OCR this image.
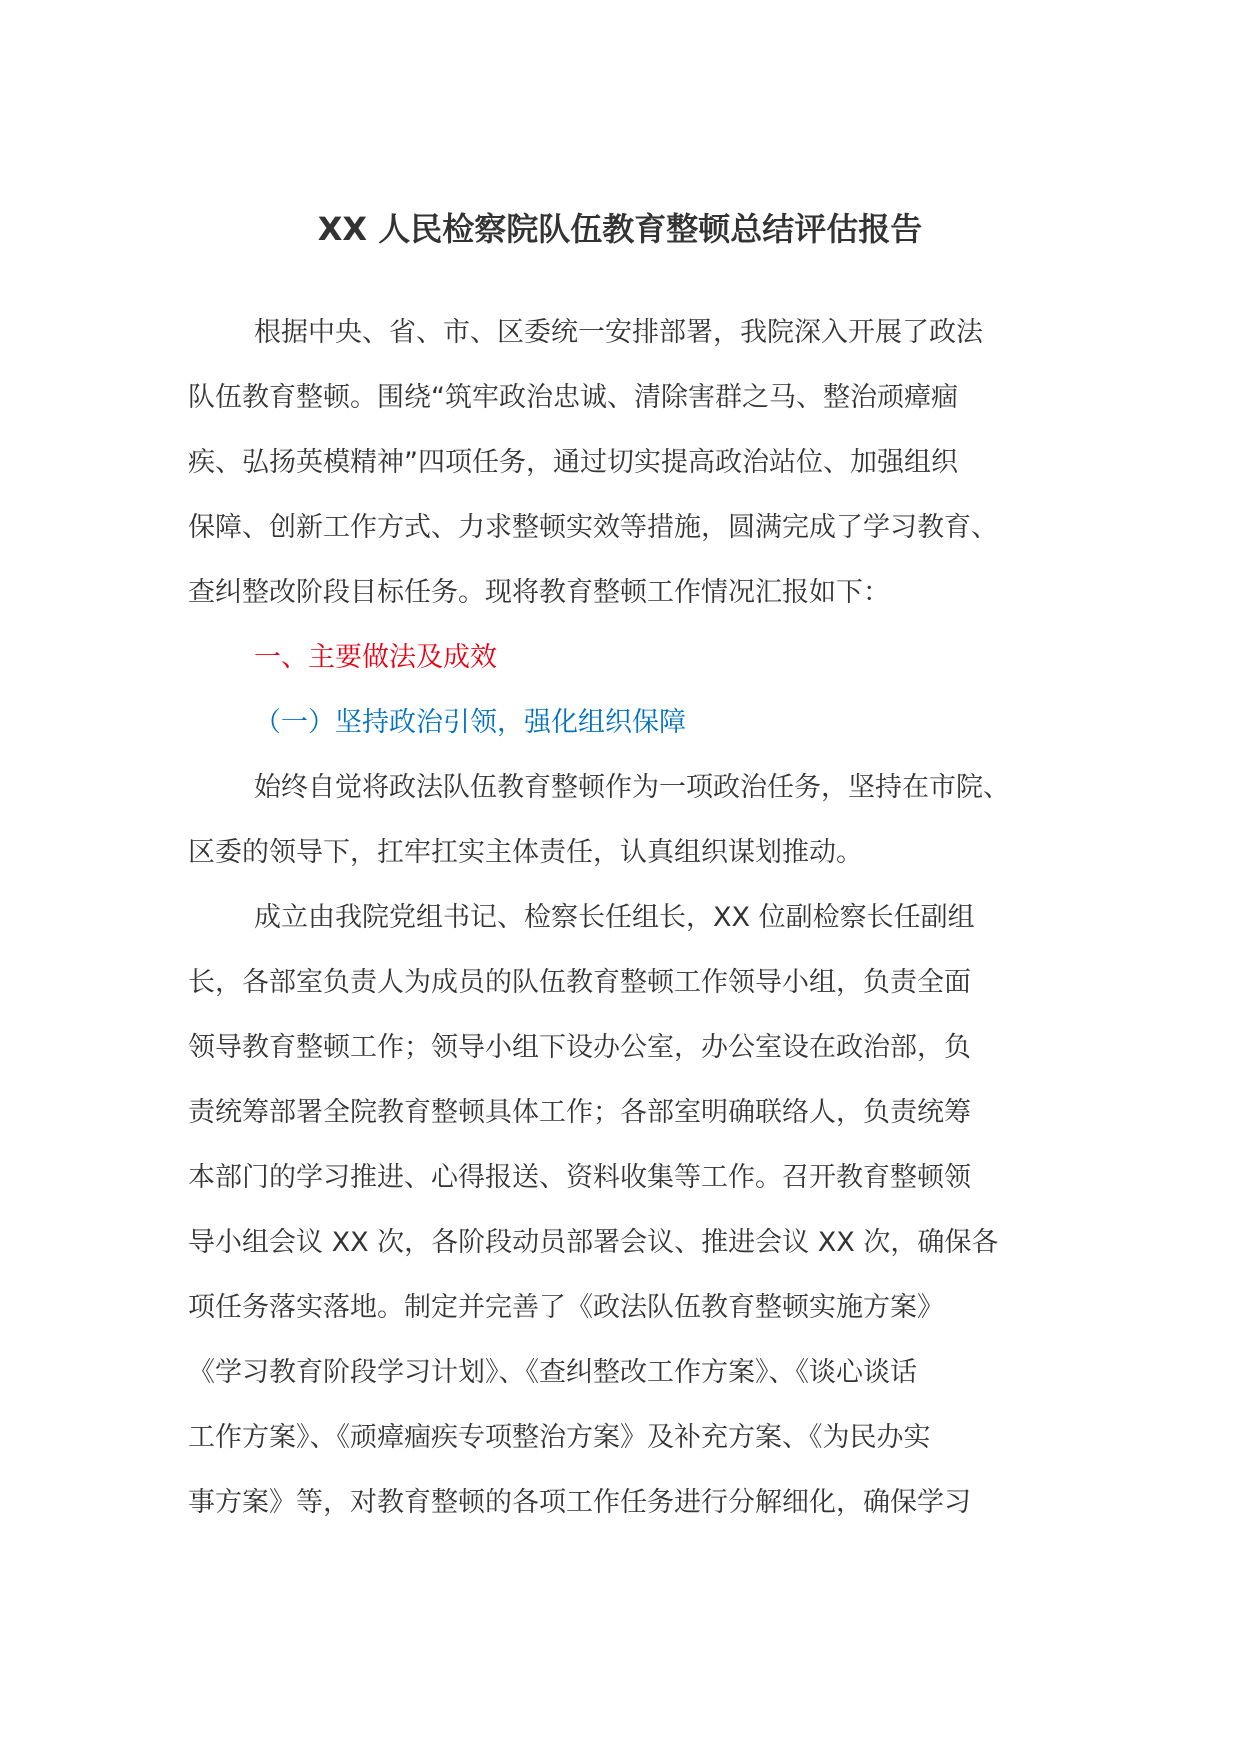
XX 人民检察院队伍教育整顿总结评估报告

根据中央、省、市、区委统一安排部署，我院深入开展了政法
队伍教育整顿。围绕“筑牢政治忠诚、清除害群之马、整治顽瘴痼
疾、弘扬英模精神”四项任务，通过切实提高政治站位、加强组织
保障、创新工作方式、力求整顿实效等措施，圆满完成了学习教育、
查纠整改阶段目标任务。现将教育整顿工作情况汇报如下：

一、主要做法及成效

（一）坚持政治引领，强化组织保障

始终自觉将政法队伍教育整顿作为一项政治任务，坚持在市院、
区委的领导下，扛牢扛实主体责任，认真组织谋划推动。

成立由我院党组书记、检察长任组长，XX 位副检察长任副组
长，各部室负责人为成员的队伍教育整顿工作领导小组，负责全面
领导教育整顿工作；领导小组下设办公室，办公室设在政治部，负
责统筹部署全院教育整顿具体工作；各部室明确联络人，负责统筹
本部门的学习推进、心得报送、资料收集等工作。召开教育整顿领
导小组会议 XX 次，各阶段动员部署会议、推进会议 XX 次，确保各
项任务落实落地。制定并完善了《政法队伍教育整顿实施方案》
《学习教育阶段学习计划》、《查纠整改工作方案》、《谈心谈话
工作方案》、《顽瘴痼疾专项整治方案》及补充方案、《为民办实
事方案》等，对教育整顿的各项工作任务进行分解细化，确保学习
